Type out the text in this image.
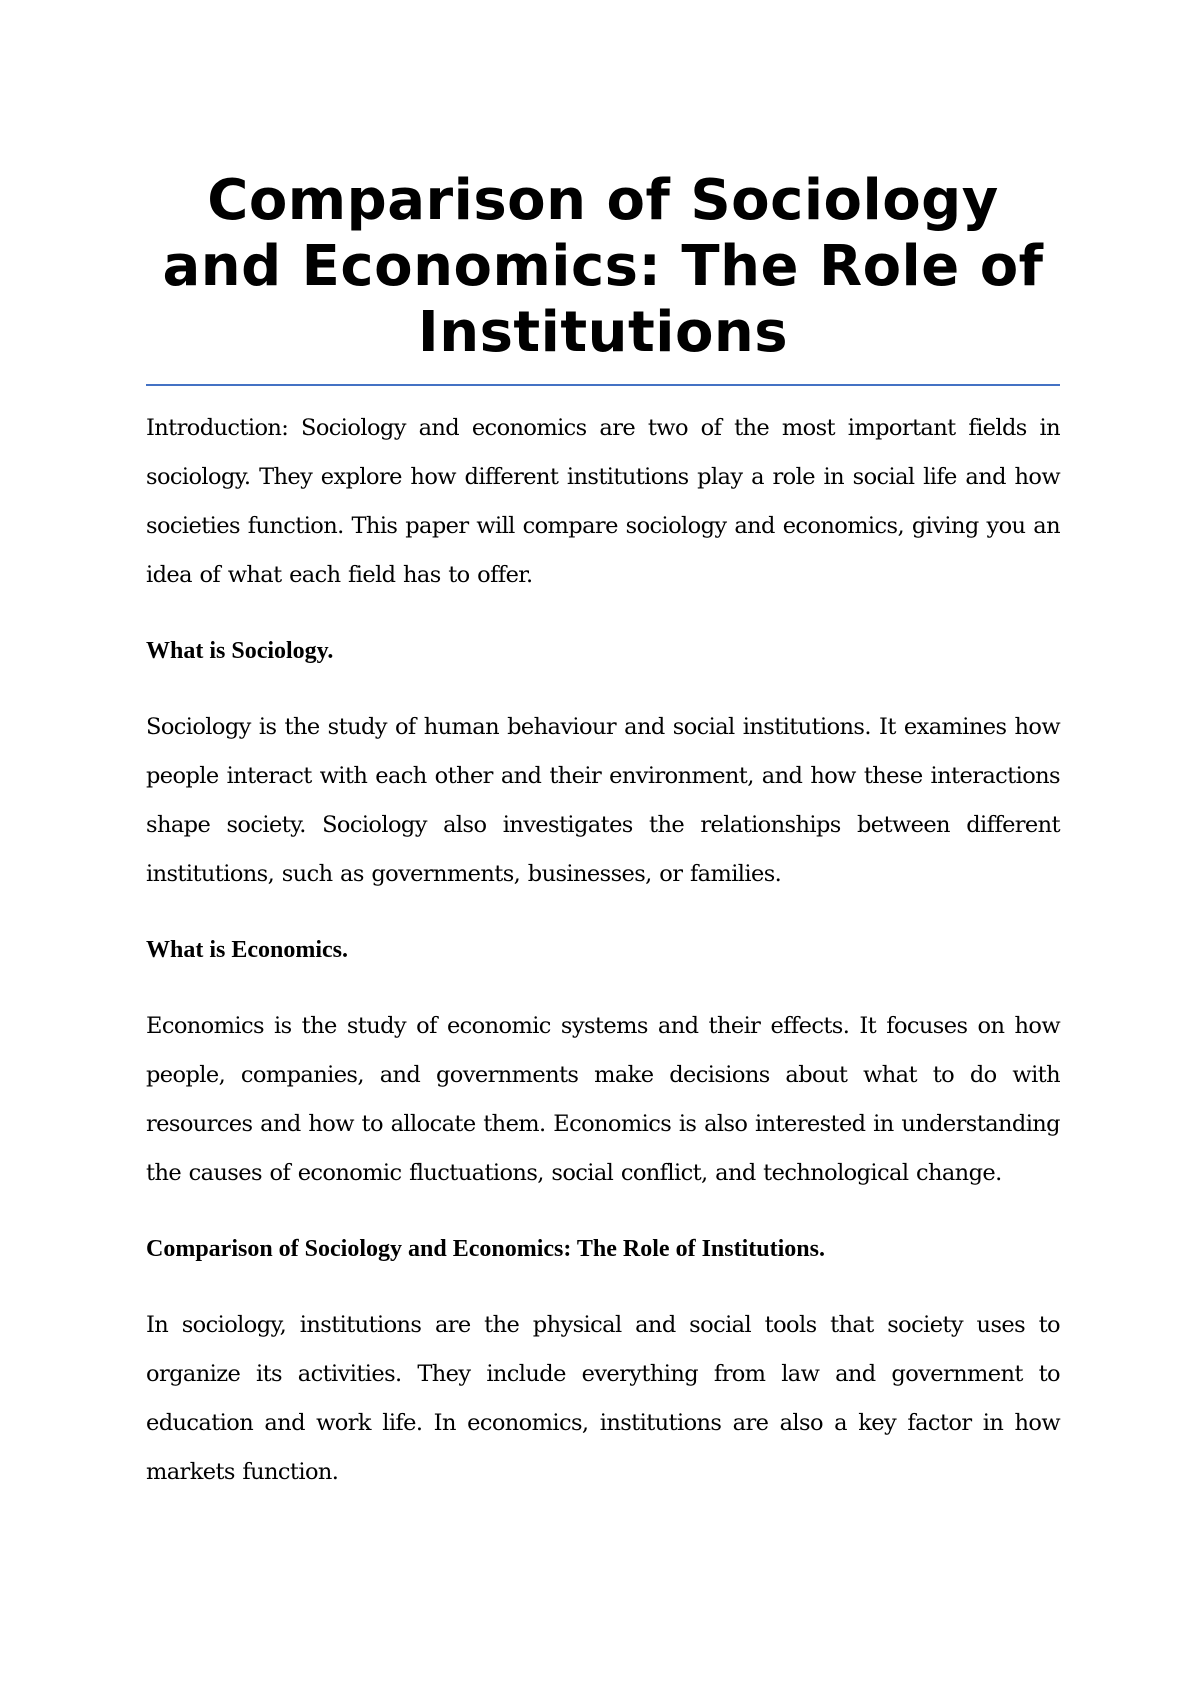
Comparison of Sociology and Economics: The Role of Institutions

Introduction: Sociology and economics are two of the most important fields in sociology. They explore how different institutions play a role in social life and how societies function. This paper will compare sociology and economics, giving you an idea of what each field has to offer.

What is Sociology.

Sociology is the study of human behaviour and social institutions. It examines how people interact with each other and their environment, and how these interactions shape society. Sociology also investigates the relationships between different institutions, such as governments, businesses, or families.

What is Economics.

Economics is the study of economic systems and their effects. It focuses on how people, companies, and governments make decisions about what to do with resources and how to allocate them. Economics is also interested in understanding the causes of economic fluctuations, social conflict, and technological change.

Comparison of Sociology and Economics: The Role of Institutions.

In sociology, institutions are the physical and social tools that society uses to organize its activities. They include everything from law and government to education and work life. In economics, institutions are also a key factor in how markets function.
